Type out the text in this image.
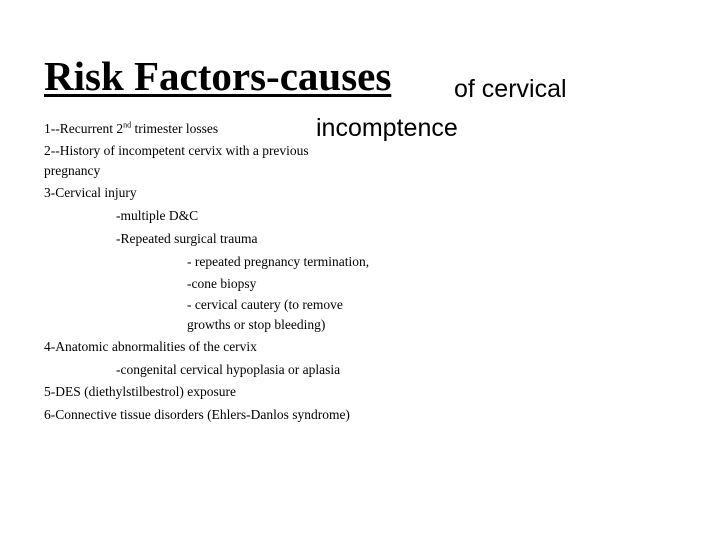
Risk Factors-causes	of cervical
incomptence
1--Recurrent 2nd trimester losses
2--History of incompetent cervix with a previous
pregnancy
3-Cervical injury
-multiple D&C
-Repeated surgical trauma
- repeated pregnancy termination,
-cone biopsy
- cervical cautery (to remove
growths or stop bleeding)
4-Anatomic abnormalities of the cervix
-congenital cervical hypoplasia or aplasia
5-DES (diethylstilbestrol) exposure
6-Connective tissue disorders (Ehlers-Danlos syndrome)
